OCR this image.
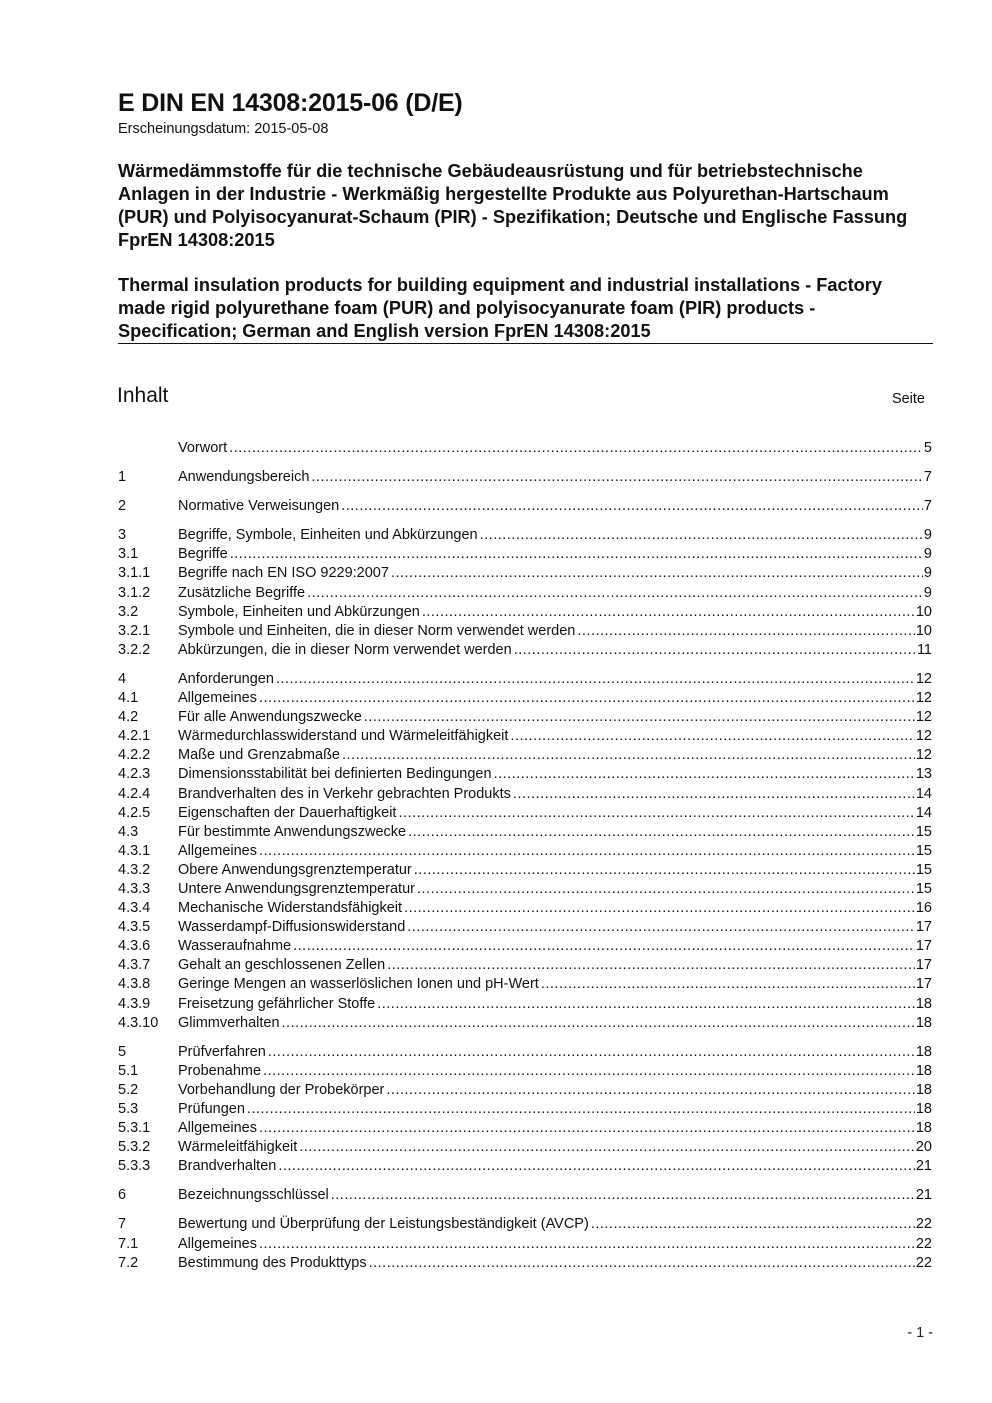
E DIN EN 14308:2015-06 (D/E)
Erscheinungsdatum: 2015-05-08
Wärmedämmstoffe für die technische Gebäudeausrüstung und für betriebstechnische Anlagen in der Industrie - Werkmäßig hergestellte Produkte aus Polyurethan-Hartschaum (PUR) und Polyisocyanurat-Schaum (PIR) - Spezifikation; Deutsche und Englische Fassung FprEN 14308:2015
Thermal insulation products for building equipment and industrial installations - Factory made rigid polyurethane foam (PUR) and polyisocyanurate foam (PIR) products - Specification; German and English version FprEN 14308:2015
Inhalt	Seite
Vorwort .....	5
1	Anwendungsbereich .....	7
2	Normative Verweisungen .....	7
3	Begriffe, Symbole, Einheiten und Abkürzungen .....	9
3.1	Begriffe .....	9
3.1.1	Begriffe nach EN ISO 9229:2007 .....	9
3.1.2	Zusätzliche Begriffe .....	9
3.2	Symbole, Einheiten und Abkürzungen .....	10
3.2.1	Symbole und Einheiten, die in dieser Norm verwendet werden .....	10
3.2.2	Abkürzungen, die in dieser Norm verwendet werden .....	11
4	Anforderungen .....	12
4.1	Allgemeines .....	12
4.2	Für alle Anwendungszwecke .....	12
4.2.1	Wärmedurchlasswiderstand und Wärmeleitfähigkeit .....	12
4.2.2	Maße und Grenzabmaße .....	12
4.2.3	Dimensionsstabilität bei definierten Bedingungen .....	13
4.2.4	Brandverhalten des in Verkehr gebrachten Produkts .....	14
4.2.5	Eigenschaften der Dauerhaftigkeit .....	14
4.3	Für bestimmte Anwendungszwecke .....	15
4.3.1	Allgemeines .....	15
4.3.2	Obere Anwendungsgrenztemperatur .....	15
4.3.3	Untere Anwendungsgrenztemperatur .....	15
4.3.4	Mechanische Widerstandsfähigkeit .....	16
4.3.5	Wasserdampf-Diffusionswiderstand .....	17
4.3.6	Wasseraufnahme .....	17
4.3.7	Gehalt an geschlossenen Zellen .....	17
4.3.8	Geringe Mengen an wasserlöslichen Ionen und pH-Wert .....	17
4.3.9	Freisetzung gefährlicher Stoffe .....	18
4.3.10	Glimmverhalten .....	18
5	Prüfverfahren .....	18
5.1	Probenahme .....	18
5.2	Vorbehandlung der Probekörper .....	18
5.3	Prüfungen .....	18
5.3.1	Allgemeines .....	18
5.3.2	Wärmeleitfähigkeit .....	20
5.3.3	Brandverhalten .....	21
6	Bezeichnungsschlüssel .....	21
7	Bewertung und Überprüfung der Leistungsbeständigkeit (AVCP) .....	22
7.1	Allgemeines .....	22
7.2	Bestimmung des Produkttyps .....	22
- 1 -
